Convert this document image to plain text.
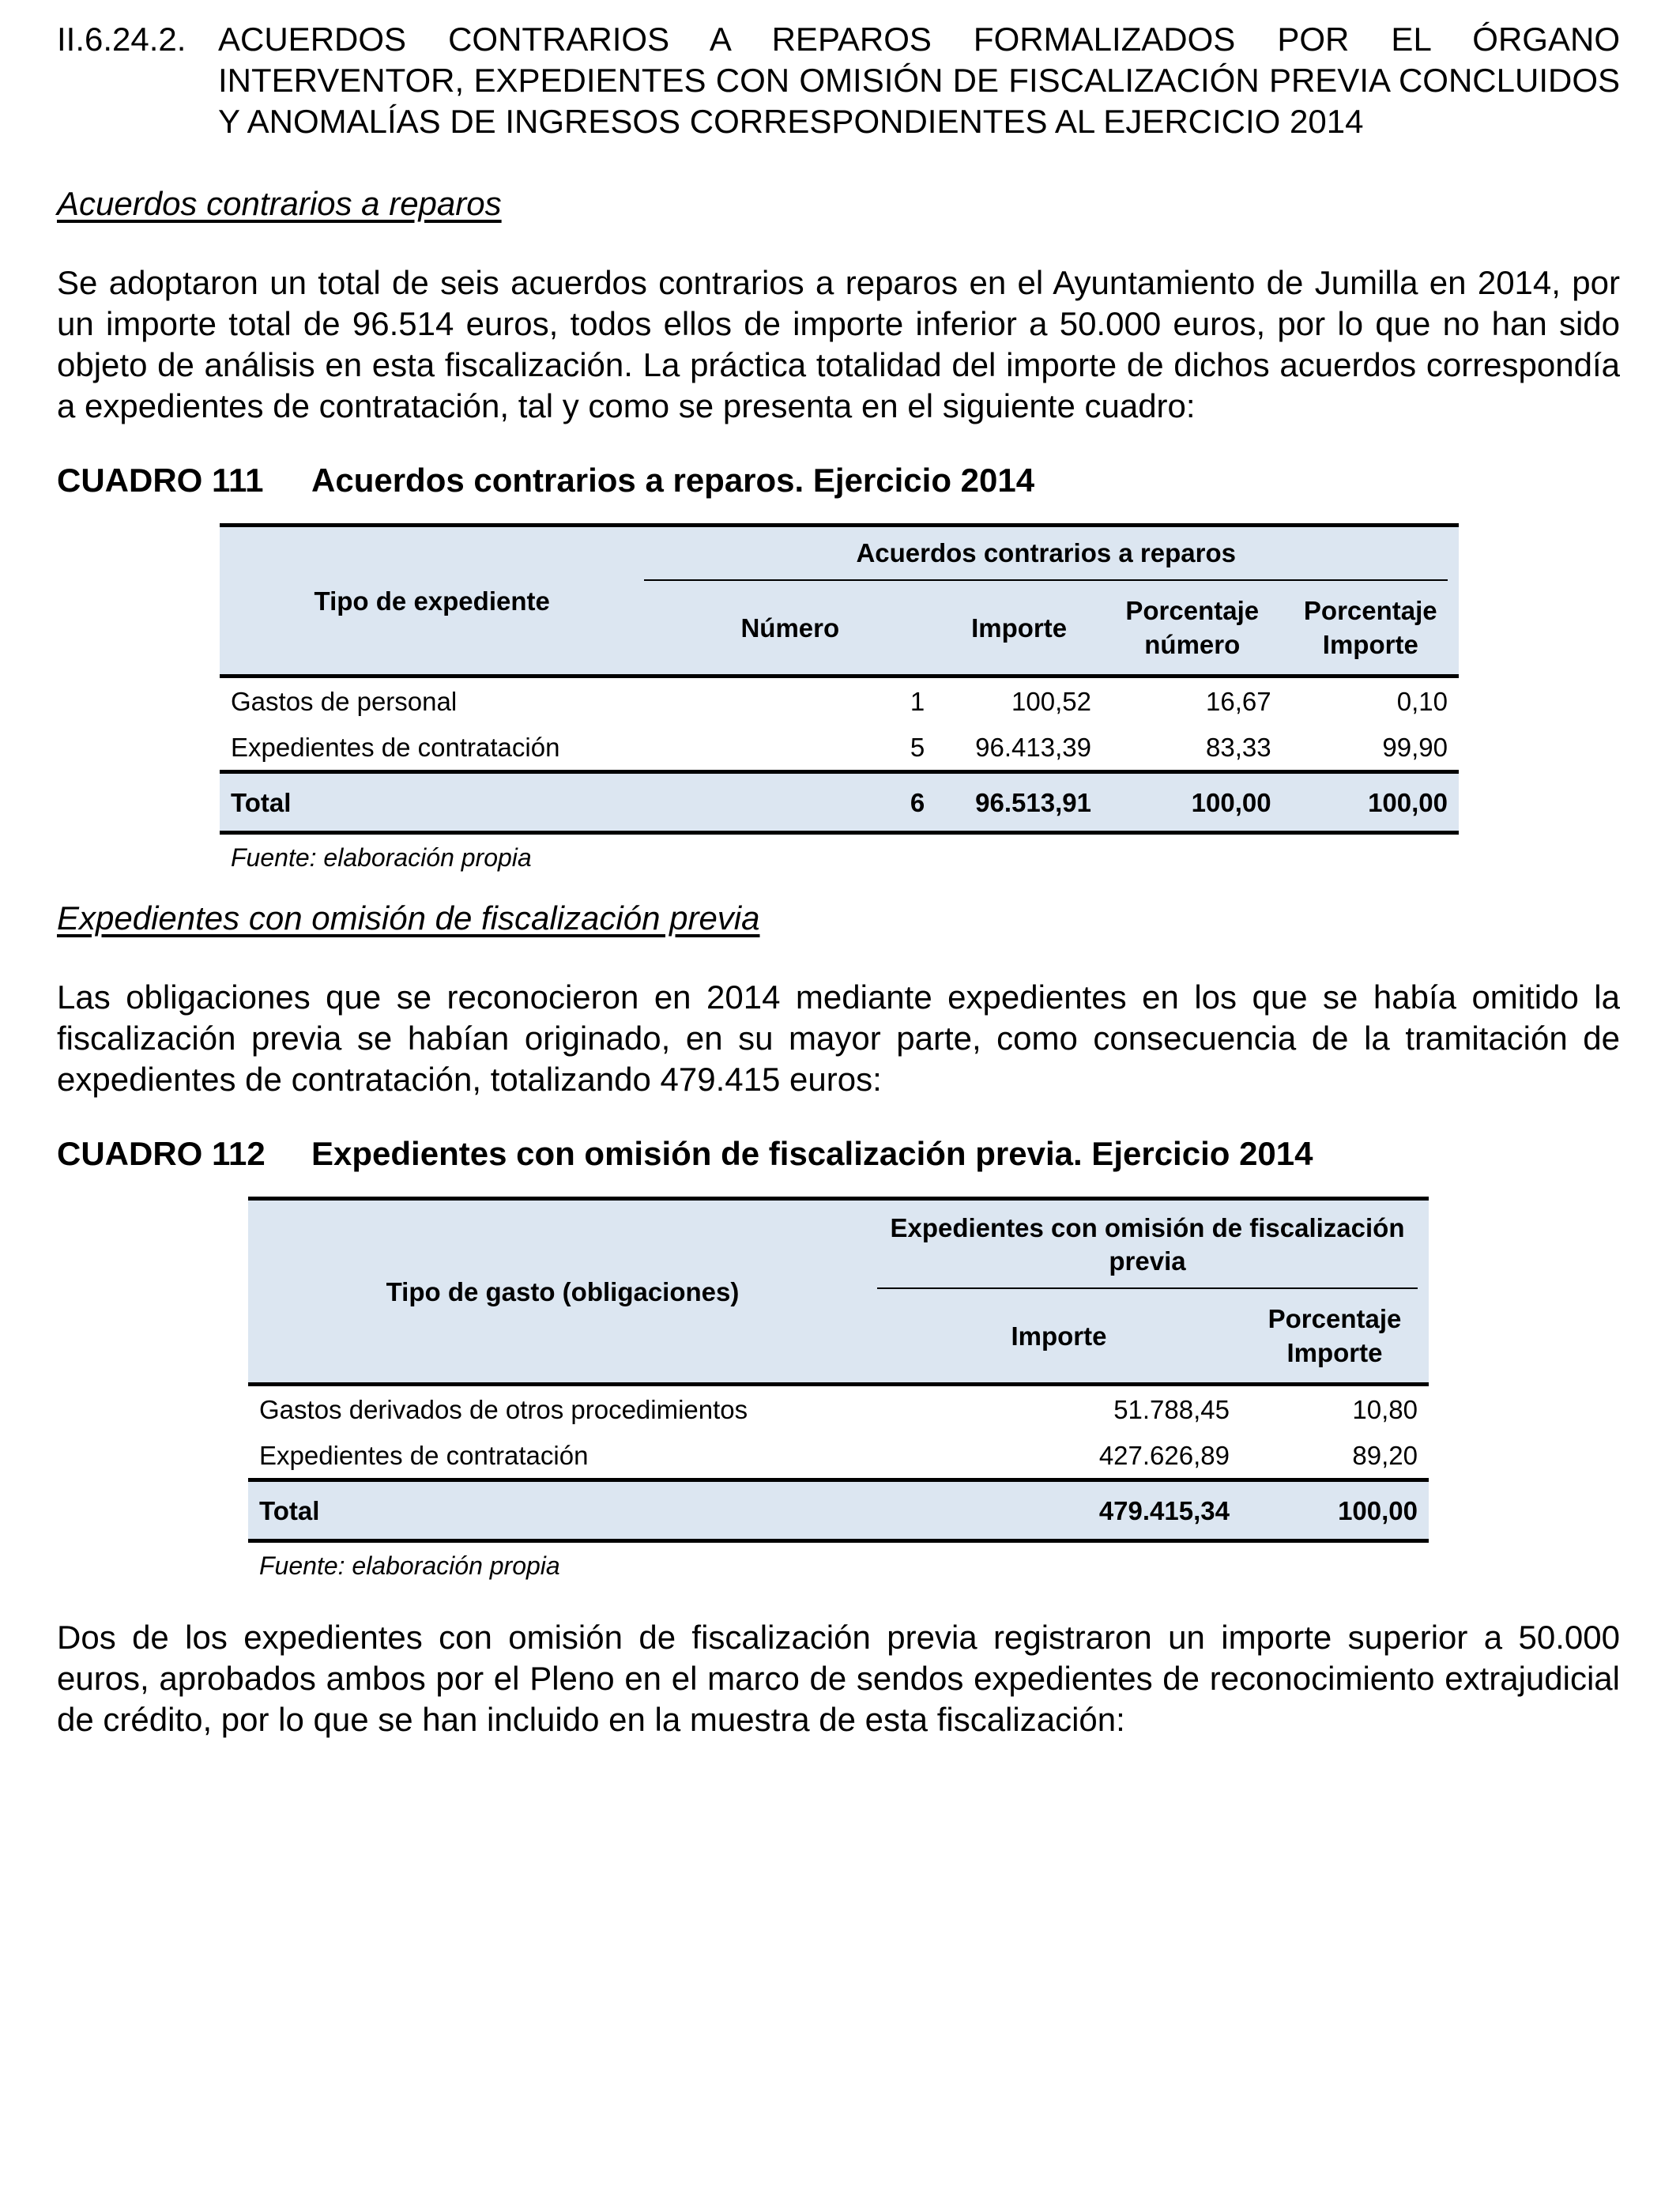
II.6.24.2. ACUERDOS CONTRARIOS A REPAROS FORMALIZADOS POR EL ÓRGANO INTERVENTOR, EXPEDIENTES CON OMISIÓN DE FISCALIZACIÓN PREVIA CONCLUIDOS Y ANOMALÍAS DE INGRESOS CORRESPONDIENTES AL EJERCICIO 2014
Acuerdos contrarios a reparos

Se adoptaron un total de seis acuerdos contrarios a reparos en el Ayuntamiento de Jumilla en 2014, por un importe total de 96.514 euros, todos ellos de importe inferior a 50.000 euros, por lo que no han sido objeto de análisis en esta fiscalización. La práctica totalidad del importe de dichos acuerdos correspondía a expedientes de contratación, tal y como se presenta en el siguiente cuadro:

CUADRO 111 Acuerdos contrarios a reparos. Ejercicio 2014
Tipo de expediente	Acuerdos contrarios a reparos			

	Número	Importe	Porcentaje número	Porcentaje Importe
Gastos de personal	1	100,52	16,67	0,10
Expedientes de contratación	5	96.413,39	83,33	99,90
Total	6	96.513,91	100,00	100,00
Fuente: elaboración propia
Expedientes con omisión de fiscalización previa

Las obligaciones que se reconocieron en 2014 mediante expedientes en los que se había omitido la fiscalización previa se habían originado, en su mayor parte, como consecuencia de la tramitación de expedientes de contratación, totalizando 479.415 euros:

CUADRO 112 Expedientes con omisión de fiscalización previa. Ejercicio 2014
Tipo de gasto (obligaciones)	Expedientes con omisión de fiscalización previa	

	Importe	Porcentaje Importe
Gastos derivados de otros procedimientos	51.788,45	10,80
Expedientes de contratación	427.626,89	89,20
Total	479.415,34	100,00
Fuente: elaboración propia

Dos de los expedientes con omisión de fiscalización previa registraron un importe superior a 50.000 euros, aprobados ambos por el Pleno en el marco de sendos expedientes de reconocimiento extrajudicial de crédito, por lo que se han incluido en la muestra de esta fiscalización:
